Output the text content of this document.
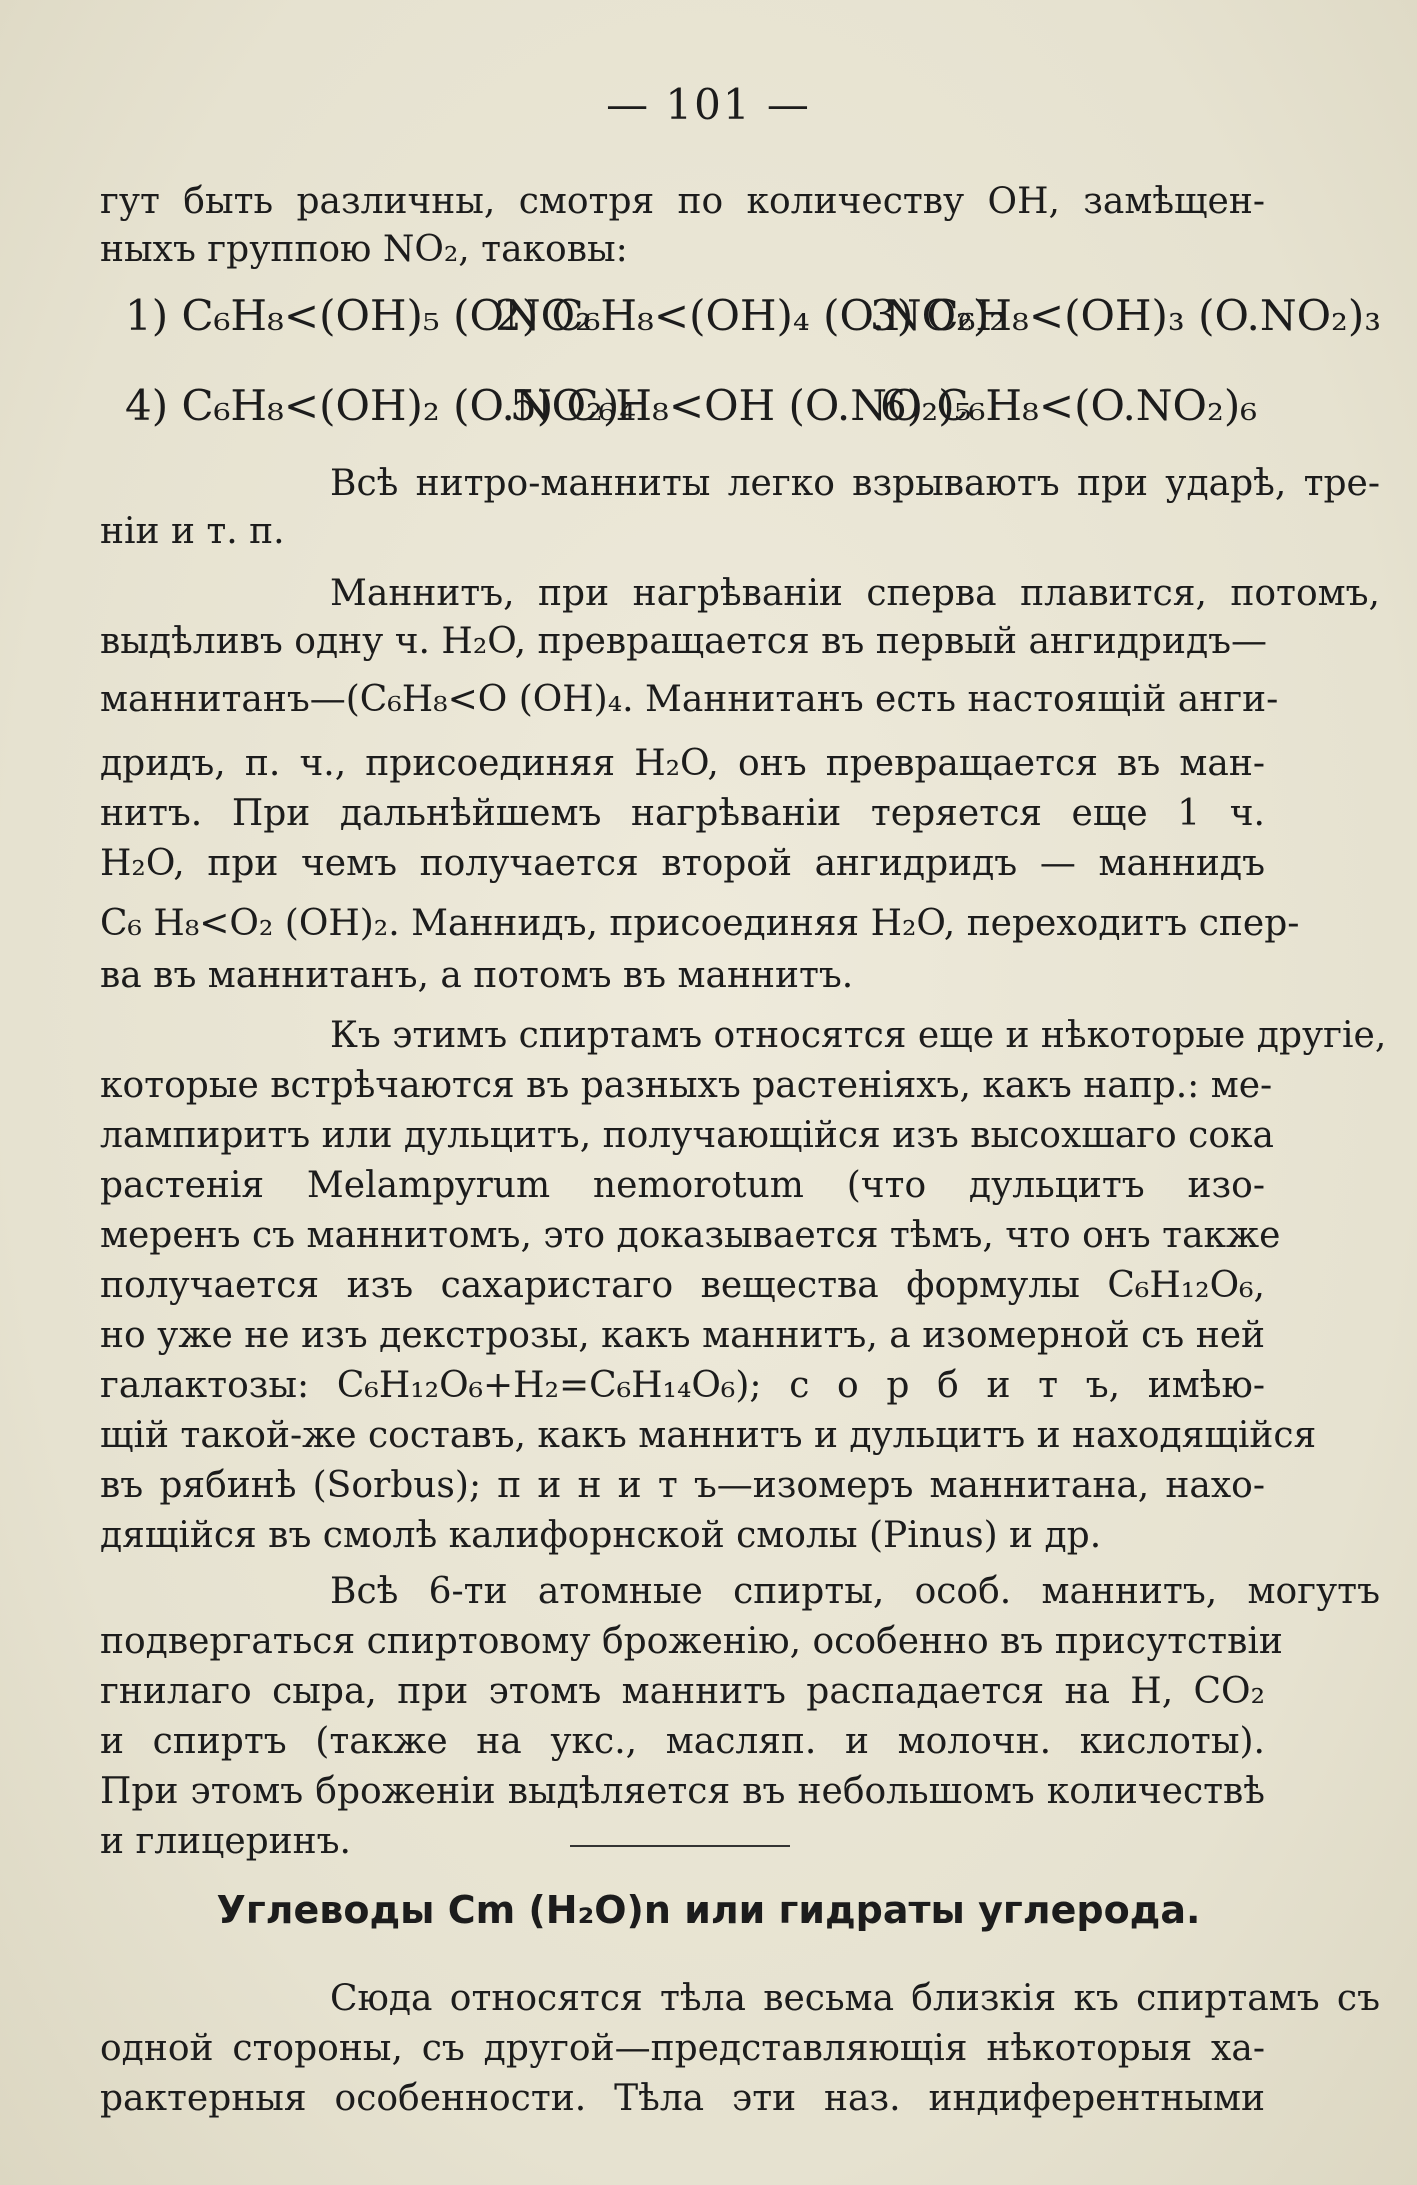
— 101 —
гут быть различны, смотря по количеству ОН, замѣщен-
ныхъ группою NO₂, таковы:
1) C₆H₈<(OH)₅ (ONO₂
2) C₆H₈<(OH)₄ (O.NO₂)₂
3) C₆H₈<(OH)₃ (O.NO₂)₃
4) C₆H₈<(OH)₂ (O.NO₂)₄
5) C₆H₈<OH (O.NO₂)₅
6) C₆H₈<(O.NO₂)₆
Всѣ нитро-манниты легко взрываютъ при ударѣ, тре-
ніи и т. п.
Маннитъ, при нагрѣваніи сперва плавится, потомъ,
выдѣливъ одну ч. H₂O, превращается въ первый ангидридъ—
маннитанъ—(C₆H₈<O (OH)₄. Маннитанъ есть настоящій анги-
дридъ, п. ч., присоединяя H₂O, онъ превращается въ ман-
нитъ. При дальнѣйшемъ нагрѣваніи теряется еще 1 ч.
H₂O, при чемъ получается второй ангидридъ — маннидъ
C₆ H₈<O₂ (OH)₂. Маннидъ, присоединяя H₂O, переходитъ спер-
ва въ маннитанъ, а потомъ въ маннитъ.
Къ этимъ спиртамъ относятся еще и нѣкоторые другіе,
которые встрѣчаются въ разныхъ растеніяхъ, какъ напр.: ме-
лампиритъ или дульцитъ, получающійся изъ высохшаго сока
растенія Melampyrum nemorotum (что дульцитъ изо-
меренъ съ маннитомъ, это доказывается тѣмъ, что онъ также
получается изъ сахаристаго вещества формулы C₆H₁₂O₆,
но уже не изъ декстрозы, какъ маннитъ, а изомерной съ ней
галактозы: C₆H₁₂O₆+H₂=C₆H₁₄O₆); с о р б и т ъ, имѣю-
щій такой-же составъ, какъ маннитъ и дульцитъ и находящійся
въ рябинѣ (Sorbus); п и н и т ъ—изомеръ маннитана, нахо-
дящійся въ смолѣ калифорнской смолы (Pinus) и др.
Всѣ 6-ти атомные спирты, особ. маннитъ, могутъ
подвергаться спиртовому броженію, особенно въ присутствіи
гнилаго сыра, при этомъ маннитъ распадается на H, CO₂
и спиртъ (также на укс., масляп. и молочн. кислоты).
При этомъ броженіи выдѣляется въ небольшомъ количествѣ
и глицеринъ.
Углеводы Cm (H₂O)n или гидраты углерода.
Сюда относятся тѣла весьма близкія къ спиртамъ съ
одной стороны, съ другой—представляющія нѣкоторыя ха-
рактерныя особенности. Тѣла эти наз. индиферентными
